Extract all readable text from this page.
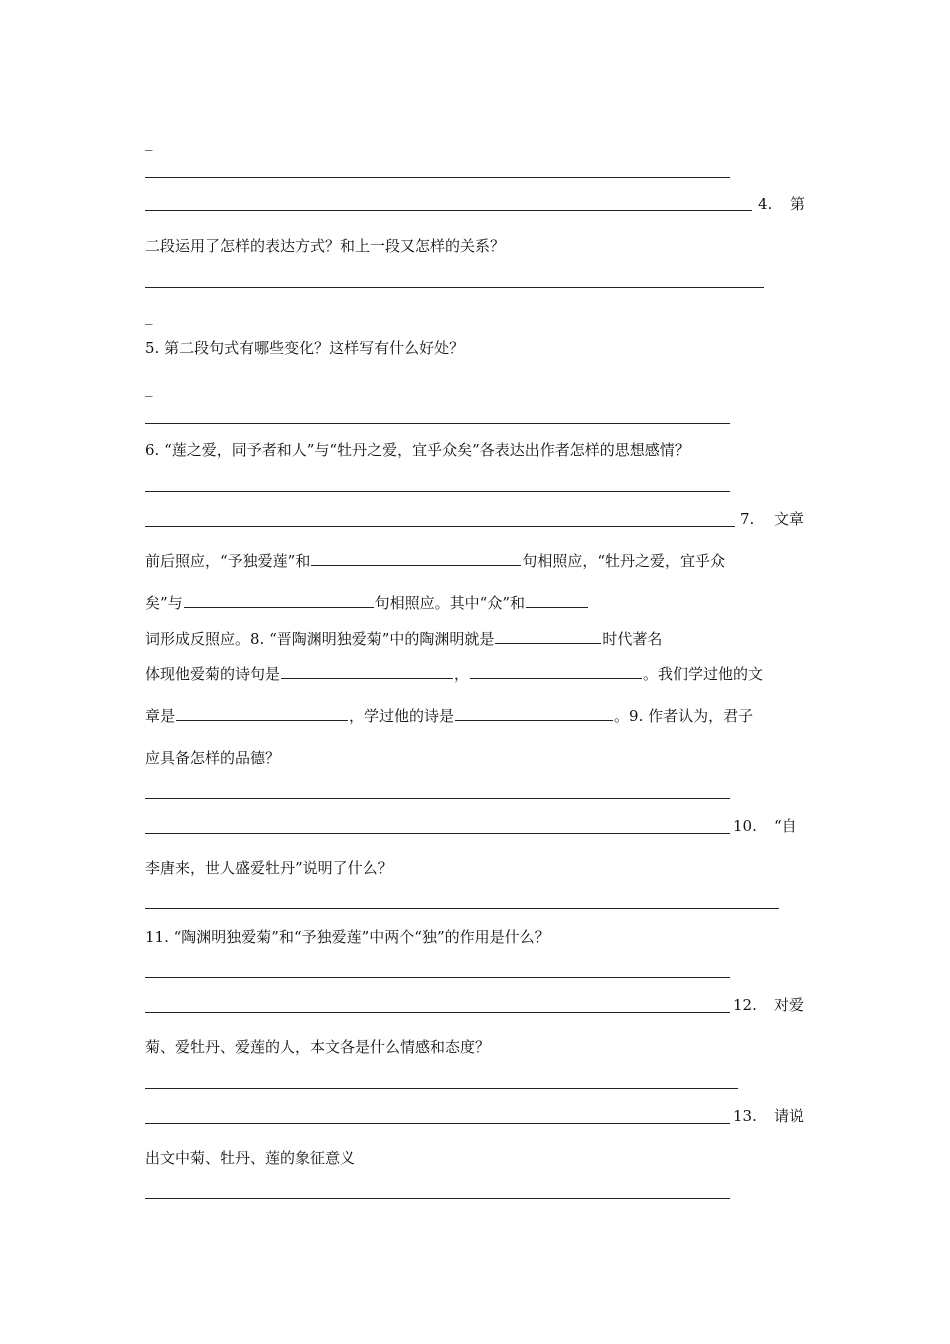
_
4. 第
二段运用了怎样的表达方式？和上一段又怎样的关系？
_
5. 第二段句式有哪些变化？这样写有什么好处？
_
6. “莲之爱，同予者和人”与“牡丹之爱，宜乎众矣”各表达出作者怎样的思想感情？
7. 文章
前后照应，“予独爱莲”和	句相照应，“牡丹之爱，宜乎众
矣”与	句相照应。其中“众”和
词形成反照应。8. “晋陶渊明独爱菊”中的陶渊明就是	时代著名
体现他爱菊的诗句是	，	。我们学过他的文
章是	，学过他的诗是	。9. 作者认为，君子
应具备怎样的品德？
10. “自
李唐来，世人盛爱牡丹”说明了什么？
11. “陶渊明独爱菊”和“予独爱莲”中两个“独”的作用是什么？
12. 对爱
菊、爱牡丹、爱莲的人，本文各是什么情感和态度？
13. 请说
出文中菊、牡丹、莲的象征意义
